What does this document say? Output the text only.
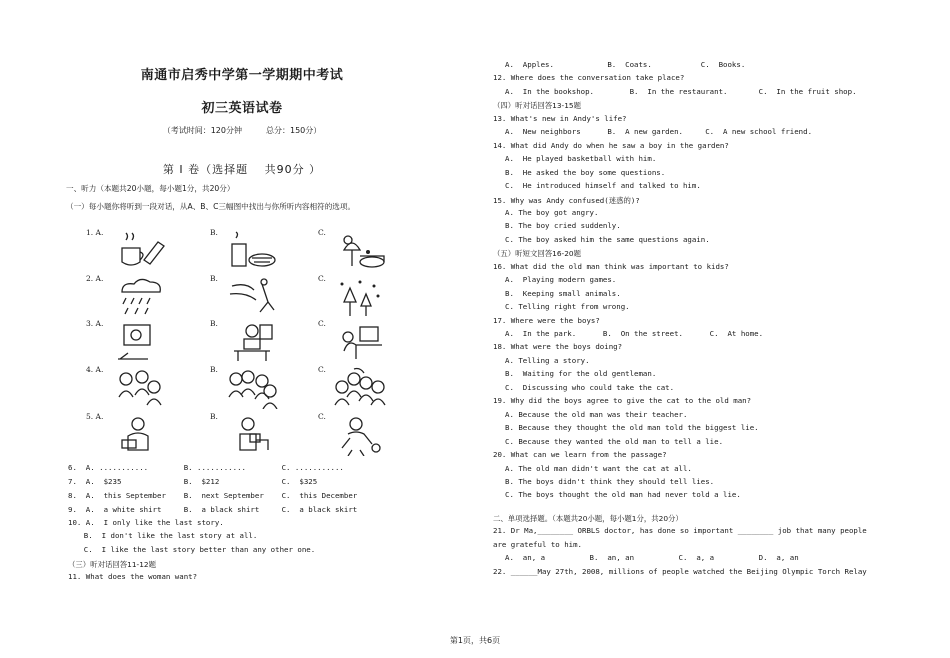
南通市启秀中学第一学期期中考试
初三英语试卷
（考试时间：120分钟　　　总分：150分）
第 Ⅰ 卷（选择题　 共90分 ）
一、听力（本题共20小题，每小题1分，共20分）
（一）每小题你将听到一段对话，从A、B、C三幅图中找出与你所听内容相符的选项。
1. A.	B.	C.
2. A.	B.	C.
3. A.	B.	C.
4. A.	B.	C.
5. A.	B.	C.
6.  A. ...........        B. ...........        C. ...........
7.  A.  $235              B.  $212              C.  $325
8.  A.  this September    B.  next September    C.  this December
9.  A.  a white shirt     B.  a black shirt     C.  a black skirt
10. A.  I only like the last story.
B.  I don't like the last story at all.
C.  I like the last story better than any other one.
（三）听对话回答11-12题
11. What does the woman want?
A.  Apples.            B.  Coats.           C.  Books.
12. Where does the conversation take place?
A.  In the bookshop.        B.  In the restaurant.       C.  In the fruit shop.
（四）听对话回答13-15题
13. What's new in Andy's life?
A.  New neighbors      B.  A new garden.     C.  A new school friend.
14. What did Andy do when he saw a boy in the garden?
A.  He played basketball with him.
B.  He asked the boy some questions.
C.  He introduced himself and talked to him.
15. Why was Andy confused(迷惑的)?
A. The boy got angry.
B. The boy cried suddenly.
C. The boy asked him the same questions again.
（五）听短文回答16-20题
16. What did the old man think was important to kids?
A.  Playing modern games.
B.  Keeping small animals.
C. Telling right from wrong.
17. Where were the boys?
A.  In the park.      B.  On the street.      C.  At home.
18. What were the boys doing?
A. Telling a story.
B.  Waiting for the old gentleman.
C.  Discussing who could take the cat.
19. Why did the boys agree to give the cat to the old man?
A. Because the old man was their teacher.
B. Because they thought the old man told the biggest lie.
C. Because they wanted the old man to tell a lie.
20. What can we learn from the passage?
A. The old man didn't want the cat at all.
B. The boys didn't think they should tell lies.
C. The boys thought the old man had never told a lie.
二、单项选择题。（本题共20小题，每小题1分，共20分）
21. Dr Ma,________ ORBLS doctor, has done so important ________ job that many people
are grateful to him.
A.  an, a          B.  an, an          C.  a, a          D.  a, an
22. ______May 27th, 2008, millions of people watched the Beijing Olympic Torch Relay
第1页，共6页
